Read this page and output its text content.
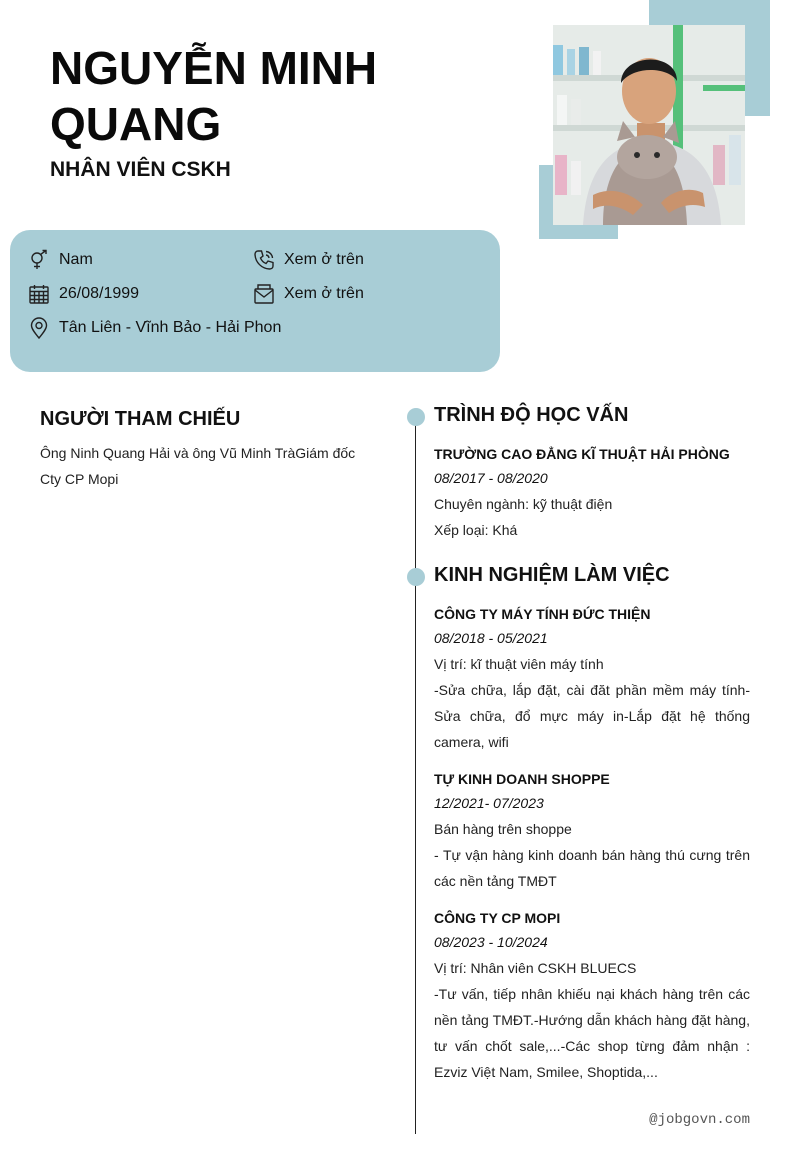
NGUYỄN MINH QUANG
NHÂN VIÊN CSKH
Nam
26/08/1999
Tân Liên - Vĩnh Bảo - Hải Phon
Xem ở trên
Xem ở trên
NGƯỜI THAM CHIẾU
Ông Ninh Quang Hải và ông Vũ Minh TràGiám đốc Cty CP Mopi
TRÌNH ĐỘ HỌC VẤN
TRƯỜNG CAO ĐẲNG KĨ THUẬT HẢI PHÒNG
08/2017 - 08/2020
Chuyên ngành: kỹ thuật điện
Xếp loại: Khá
KINH NGHIỆM LÀM VIỆC
CÔNG TY MÁY TÍNH ĐỨC THIỆN
08/2018 - 05/2021
Vị trí: kĩ thuật viên máy tính
-Sửa chữa, lắp đặt, cài đăt phần mềm máy tính-Sửa chữa, đổ mực máy in-Lắp đặt hệ thống camera, wifi
TỰ KINH DOANH SHOPPE
12/2021- 07/2023
Bán hàng trên shoppe
- Tự vận hàng kinh doanh bán hàng thú cưng trên các nền tảng TMĐT
CÔNG TY CP MOPI
08/2023 - 10/2024
Vị trí: Nhân viên CSKH BLUECS
-Tư vấn, tiếp nhân khiếu nại khách hàng trên các nền tảng TMĐT.-Hướng dẫn khách hàng đặt hàng, tư vấn chốt sale,...-Các shop từng đảm nhận : Ezviz Việt Nam, Smilee, Shoptida,...
@jobgovn.com
